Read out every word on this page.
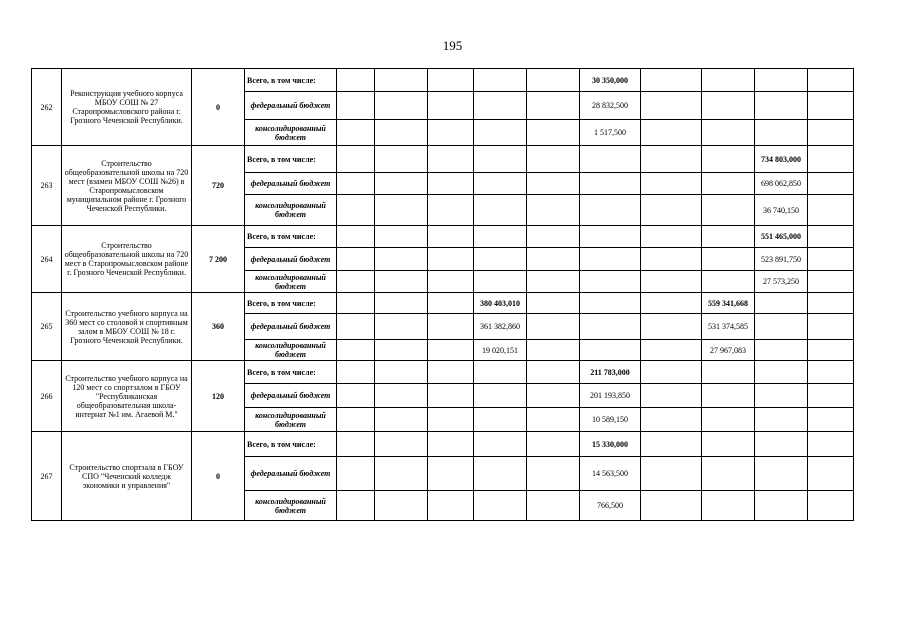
195
262	Реконструкция учебного корпуса МБОУ СОШ № 27 Старопромысловского района г. Грозного Чеченской Республики.	0	Всего, в том числе:						30 350,000				
			федеральный бюджет						28 832,500				
			консолидированный бюджет						1 517,500				
263	Строительство общеобразовательной школы на 720 мест (взамен МБОУ СОШ №26) в Старопромысловском муниципальном районе г. Грозного Чеченской Республики.	720	Всего, в том числе:									734 803,000	
			федеральный бюджет									698 062,850	
			консолидированный бюджет									36 740,150	
264	Строительство общеобразовательной школы на 720 мест в Старопромысловском районе г. Грозного Чеченской Республики.	7 200	Всего, в том числе:									551 465,000	
			федеральный бюджет									523 891,750	
			консолидированный бюджет									27 573,250	
265	Строительство учебного корпуса на 360 мест со столовой и спортивным залом в МБОУ СОШ № 18 г. Грозного Чеченской Республики.	360	Всего, в том числе:				380 403,010				559 341,668		
			федеральный бюджет				361 382,860				531 374,585		
			консолидированный бюджет				19 020,151				27 967,083		
266	Строительство учебного корпуса на 120 мест со спортзалом в ГБОУ "Республиканская общеобразовательная школа-интернат №1 им. Агаевой М."	120	Всего, в том числе:						211 783,000				
			федеральный бюджет						201 193,850				
			консолидированный бюджет						10 589,150				
267	Строительство спортзала в ГБОУ СПО "Чеченский колледж экономики и управления"	0	Всего, в том числе:						15 330,000				
			федеральный бюджет						14 563,500				
			консолидированный бюджет						766,500				
